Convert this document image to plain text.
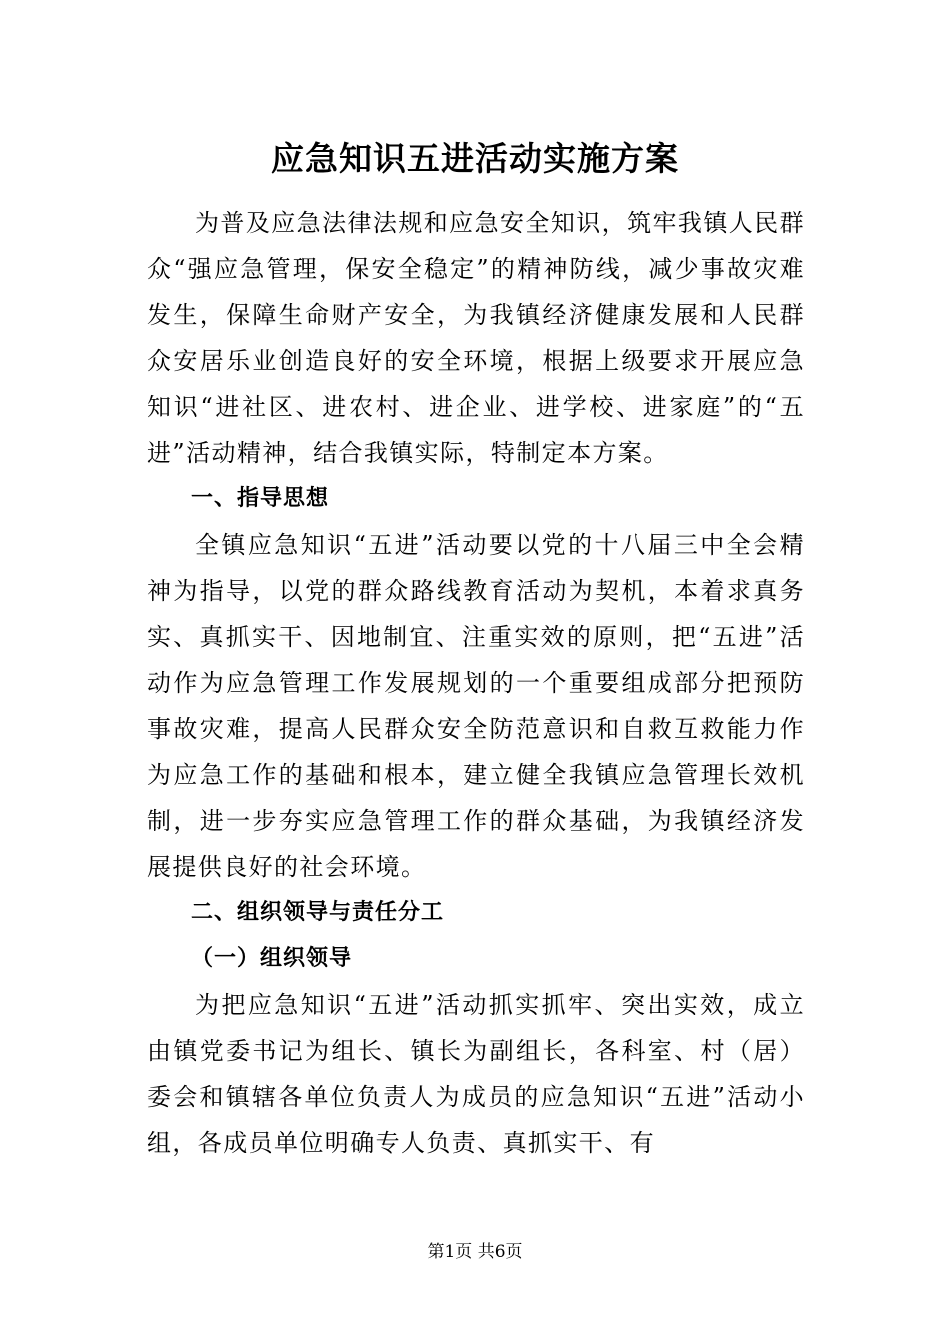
应急知识五进活动实施方案

为普及应急法律法规和应急安全知识，筑牢我镇人民群众“强应急管理，保安全稳定”的精神防线，减少事故灾难发生，保障生命财产安全，为我镇经济健康发展和人民群众安居乐业创造良好的安全环境，根据上级要求开展应急知识“进社区、进农村、进企业、进学校、进家庭”的“五进”活动精神，结合我镇实际，特制定本方案。

一、指导思想

全镇应急知识“五进”活动要以党的十八届三中全会精神为指导，以党的群众路线教育活动为契机，本着求真务实、真抓实干、因地制宜、注重实效的原则，把“五进”活动作为应急管理工作发展规划的一个重要组成部分把预防事故灾难，提高人民群众安全防范意识和自救互救能力作为应急工作的基础和根本，建立健全我镇应急管理长效机制，进一步夯实应急管理工作的群众基础，为我镇经济发展提供良好的社会环境。

二、组织领导与责任分工

（一）组织领导

为把应急知识“五进”活动抓实抓牢、突出实效，成立由镇党委书记为组长、镇长为副组长，各科室、村（居）委会和镇辖各单位负责人为成员的应急知识“五进”活动小组，各成员单位明确专人负责、真抓实干、有

第1页 共6页
